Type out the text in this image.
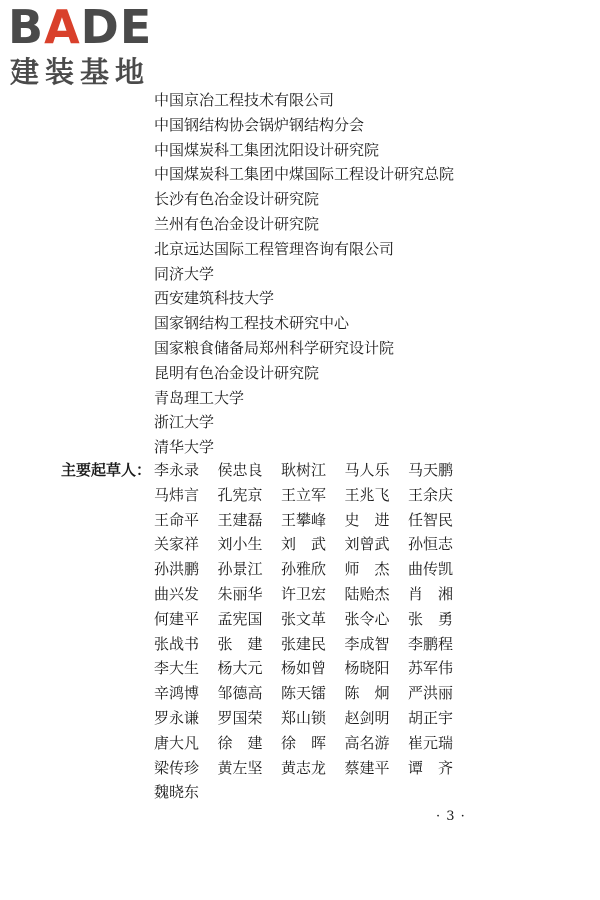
BADE
建装基地
中国京冶工程技术有限公司
中国钢结构协会锅炉钢结构分会
中国煤炭科工集团沈阳设计研究院
中国煤炭科工集团中煤国际工程设计研究总院
长沙有色冶金设计研究院
兰州有色冶金设计研究院
北京远达国际工程管理咨询有限公司
同济大学
西安建筑科技大学
国家钢结构工程技术研究中心
国家粮食储备局郑州科学研究设计院
昆明有色冶金设计研究院
青岛理工大学
浙江大学
清华大学
主要起草人： 李永录	侯忠良	耿树江	马人乐	马天鹏
马炜言	孔宪京	王立军	王兆飞	王余庆
王命平	王建磊	王攀峰	史　进	任智民
关家祥	刘小生	刘　武	刘曾武	孙恒志
孙洪鹏	孙景江	孙雅欣	师　杰	曲传凯
曲兴发	朱丽华	许卫宏	陆贻杰	肖　湘
何建平	孟宪国	张文革	张令心	张　勇
张战书	张　建	张建民	李成智	李鹏程
李大生	杨大元	杨如曾	杨晓阳	苏军伟
辛鸿博	邹德高	陈天镭	陈　炯	严洪丽
罗永谦	罗国荣	郑山锁	赵剑明	胡正宇
唐大凡	徐　建	徐　晖	高名游	崔元瑞
梁传珍	黄左坚	黄志龙	蔡建平	谭　齐
魏晓东
· 3 ·
